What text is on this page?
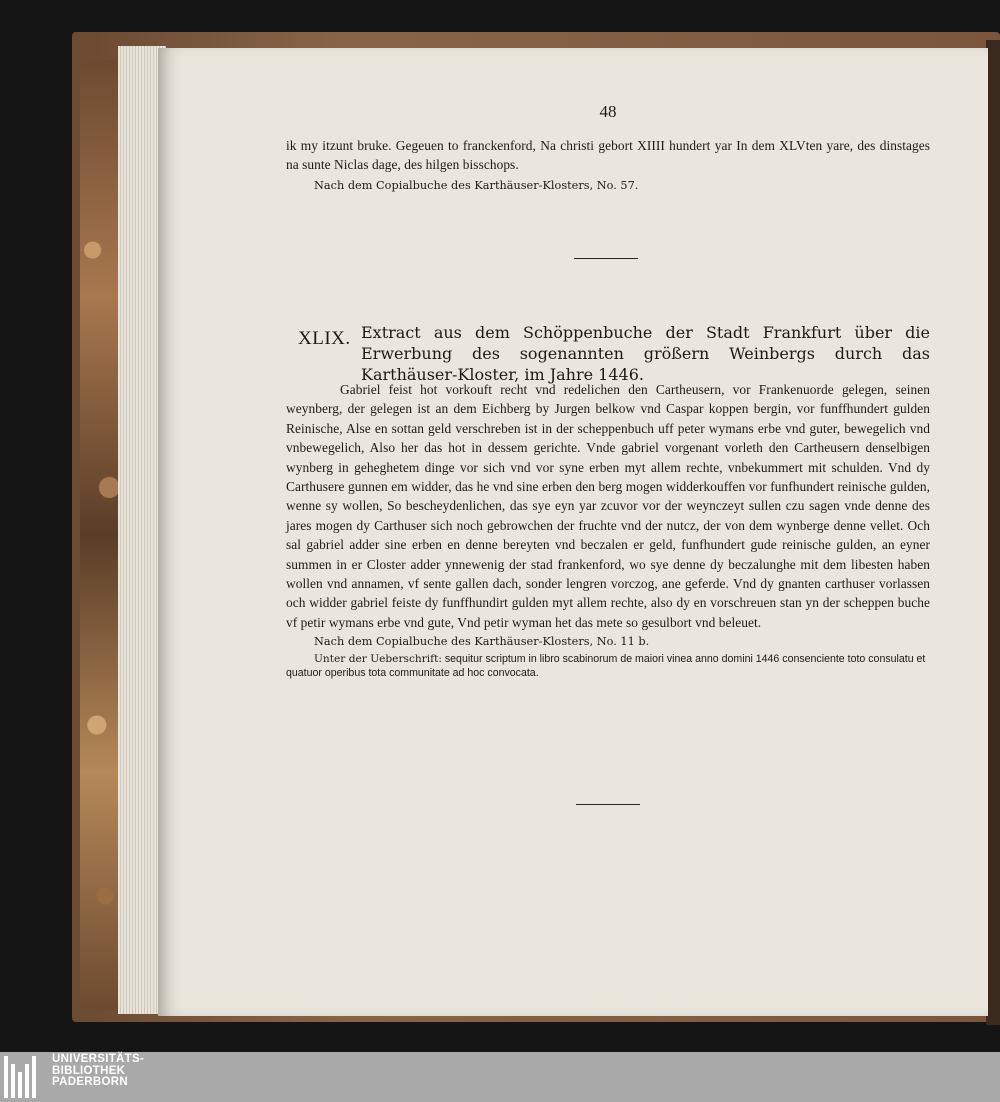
48
ik my itzunt bruke. Gegeuen to franckenford, Na christi gebort XIIII hundert yar In dem XLVten yare, des dinstages na sunte Niclas dage, des hilgen bisschops.
Nach dem Copialbuche des Karthäuser-Klosters, No. 57.
XLIX. Extract aus dem Schöppenbuche der Stadt Frankfurt über die Erwerbung des sogenannten größern Weinbergs durch das Karthäuser-Kloster, im Jahre 1446.
Gabriel feist hot vorkouft recht vnd redelichen den Cartheusern, vor Frankenuorde gelegen, seinen weynberg, der gelegen ist an dem Eichberg by Jurgen belkow vnd Caspar koppen bergin, vor funffhundert gulden Reinische, Alse en sottan geld verschreben ist in der scheppenbuch uff peter wymans erbe vnd guter, bewegelich vnd vnbewegelich, Also her das hot in dessem gerichte. Vnde gabriel vorgenant vorleth den Cartheusern denselbigen wynberg in geheghetem dinge vor sich vnd vor syne erben myt allem rechte, vnbekummert mit schulden. Vnd dy Carthusere gunnen em widder, das he vnd sine erben den berg mogen widderkouffen vor funfhundert reinische gulden, wenne sy wollen, So bescheydenlichen, das sye eyn yar zcuvor vor der weynczeyt sullen czu sagen vnde denne des jares mogen dy Carthuser sich noch gebrowchen der fruchte vnd der nutcz, der von dem wynberge denne vellet. Och sal gabriel adder sine erben en denne bereyten vnd beczalen er geld, funfhundert gude reinische gulden, an eyner summen in er Closter adder ynnewenig der stad frankenford, wo sye denne dy beczalunghe mit dem libesten haben wollen vnd annamen, vf sente gallen dach, sonder lengren vorczog, ane geferde. Vnd dy gnanten carthuser vorlassen och widder gabriel feiste dy funffhundirt gulden myt allem rechte, also dy en vorschreuen stan yn der scheppen buche vf petir wymans erbe vnd gute, Vnd petir wyman het das mete so gesulbort vnd beleuet.
Nach dem Copialbuche des Karthäuser-Klosters, No. 11 b.
Unter der Ueberschrift: sequitur scriptum in libro scabinorum de maiori vinea anno domini 1446 consenciente toto consulatu et quatuor operibus tota communitate ad hoc convocata.
UNIVERSITÄTS-
BIBLIOTHEK
PADERBORN
